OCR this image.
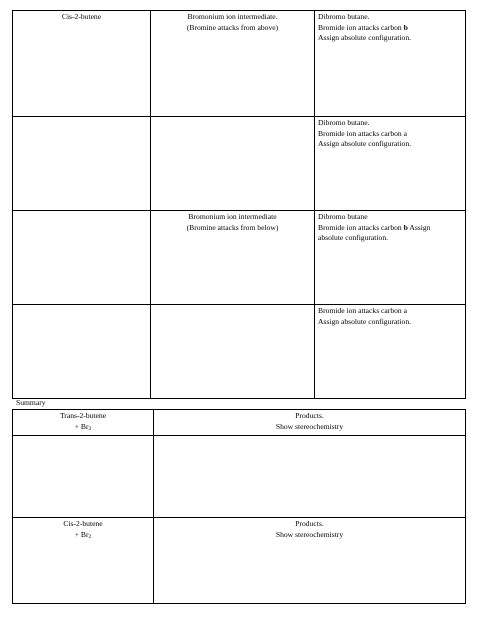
Cis-2-butene	Bromonium ion intermediate.
(Bromine attacks from above)	Dibromo butane.
Bromide ion attacks carbon b
Assign absolute configuration.

		Dibromo butane.
Bromide ion attacks carbon a
Assign absolute configuration.

	Bromonium ion intermediate
(Bromine attacks from below)	Dibromo butane
Bromide ion attacks carbon b Assign
absolute configuration.

		Bromide ion attacks carbon a
Assign absolute configuration.
Summary
Trans-2-butene
+ $Br_2$	Products.
Show stereochemistry

Cis-2-butene
+ $Br_2$	Products.
Show stereochemistry
